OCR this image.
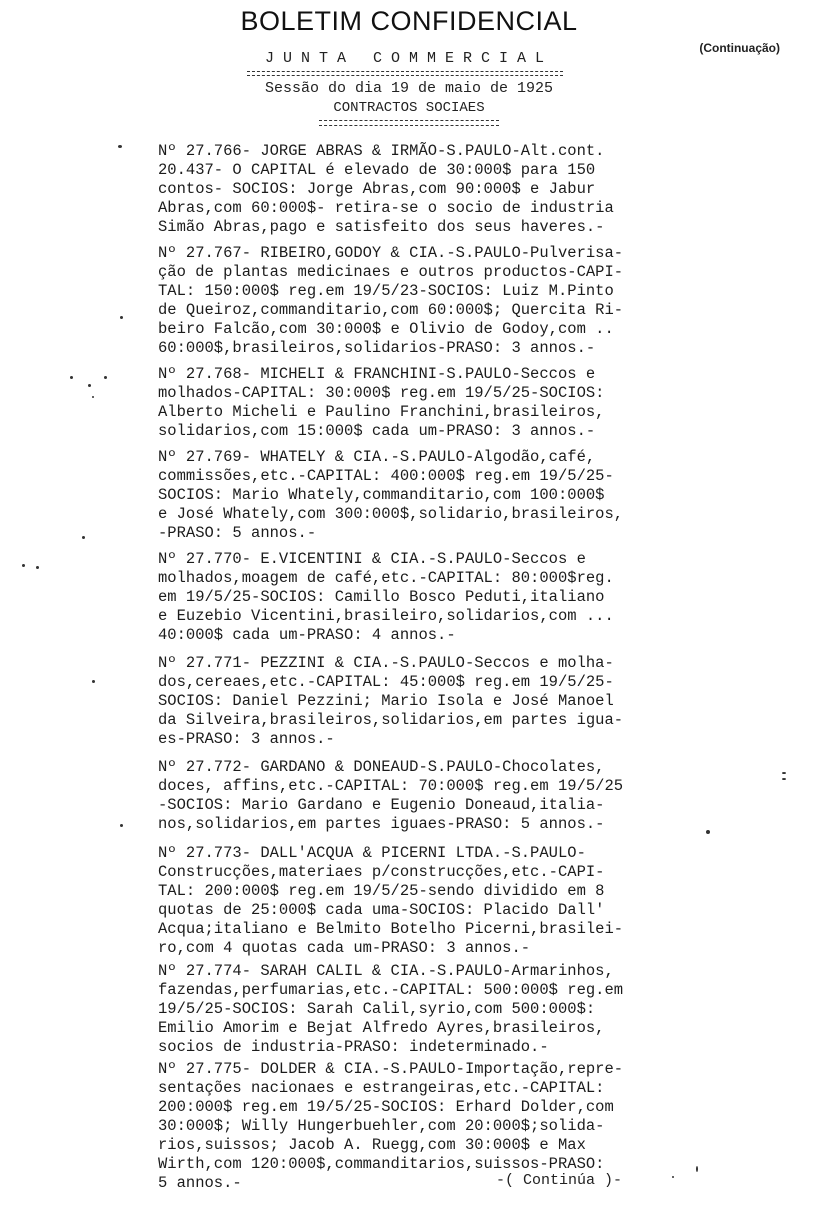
BOLETIM CONFIDENCIAL
(Continuação)
JUNTA COMMERCIAL
Sessão do dia 19 de maio de 1925
CONTRACTOS SOCIAES
Nº 27.766- JORGE ABRAS & IRMÃO-S.PAULO-Alt.cont.
20.437- O CAPITAL é elevado de 30:000$ para 150
contos- SOCIOS: Jorge Abras,com 90:000$ e Jabur
Abras,com 60:000$- retira-se o socio de industria
Simão Abras,pago e satisfeito dos seus haveres.-
Nº 27.767- RIBEIRO,GODOY & CIA.-S.PAULO-Pulverisa-
ção de plantas medicinaes e outros productos-CAPI-
TAL: 150:000$ reg.em 19/5/23-SOCIOS: Luiz M.Pinto
de Queiroz,commanditario,com 60:000$; Quercita Ri-
beiro Falcão,com 30:000$ e Olivio de Godoy,com ..
60:000$,brasileiros,solidarios-PRASO: 3 annos.-
Nº 27.768- MICHELI & FRANCHINI-S.PAULO-Seccos e
molhados-CAPITAL: 30:000$ reg.em 19/5/25-SOCIOS:
Alberto Micheli e Paulino Franchini,brasileiros,
solidarios,com 15:000$ cada um-PRASO: 3 annos.-
Nº 27.769- WHATELY & CIA.-S.PAULO-Algodão,café,
commissões,etc.-CAPITAL: 400:000$ reg.em 19/5/25-
SOCIOS: Mario Whately,commanditario,com 100:000$
e José Whately,com 300:000$,solidario,brasileiros,
-PRASO: 5 annos.-
Nº 27.770- E.VICENTINI & CIA.-S.PAULO-Seccos e
molhados,moagem de café,etc.-CAPITAL: 80:000$reg.
em 19/5/25-SOCIOS: Camillo Bosco Peduti,italiano
e Euzebio Vicentini,brasileiro,solidarios,com ...
40:000$ cada um-PRASO: 4 annos.-
Nº 27.771- PEZZINI & CIA.-S.PAULO-Seccos e molha-
dos,cereaes,etc.-CAPITAL: 45:000$ reg.em 19/5/25-
SOCIOS: Daniel Pezzini; Mario Isola e José Manoel
da Silveira,brasileiros,solidarios,em partes igua-
es-PRASO: 3 annos.-
Nº 27.772- GARDANO & DONEAUD-S.PAULO-Chocolates,
doces, affins,etc.-CAPITAL: 70:000$ reg.em 19/5/25
-SOCIOS: Mario Gardano e Eugenio Doneaud,italia-
nos,solidarios,em partes iguaes-PRASO: 5 annos.-
Nº 27.773- DALL'ACQUA & PICERNI LTDA.-S.PAULO-
Construcções,materiaes p/construcções,etc.-CAPI-
TAL: 200:000$ reg.em 19/5/25-sendo dividido em 8
quotas de 25:000$ cada uma-SOCIOS: Placido Dall'
Acqua;italiano e Belmito Botelho Picerni,brasilei-
ro,com 4 quotas cada um-PRASO: 3 annos.-
Nº 27.774- SARAH CALIL & CIA.-S.PAULO-Armarinhos,
fazendas,perfumarias,etc.-CAPITAL: 500:000$ reg.em
19/5/25-SOCIOS: Sarah Calil,syrio,com 500:000$:
Emilio Amorim e Bejat Alfredo Ayres,brasileiros,
socios de industria-PRASO: indeterminado.-
Nº 27.775- DOLDER & CIA.-S.PAULO-Importação,repre-
sentações nacionaes e estrangeiras,etc.-CAPITAL:
200:000$ reg.em 19/5/25-SOCIOS: Erhard Dolder,com
30:000$; Willy Hungerbuehler,com 20:000$;solida-
rios,suissos; Jacob A. Ruegg,com 30:000$ e Max
Wirth,com 120:000$,commanditarios,suissos-PRASO:
5 annos.-	-( Continúa )-
